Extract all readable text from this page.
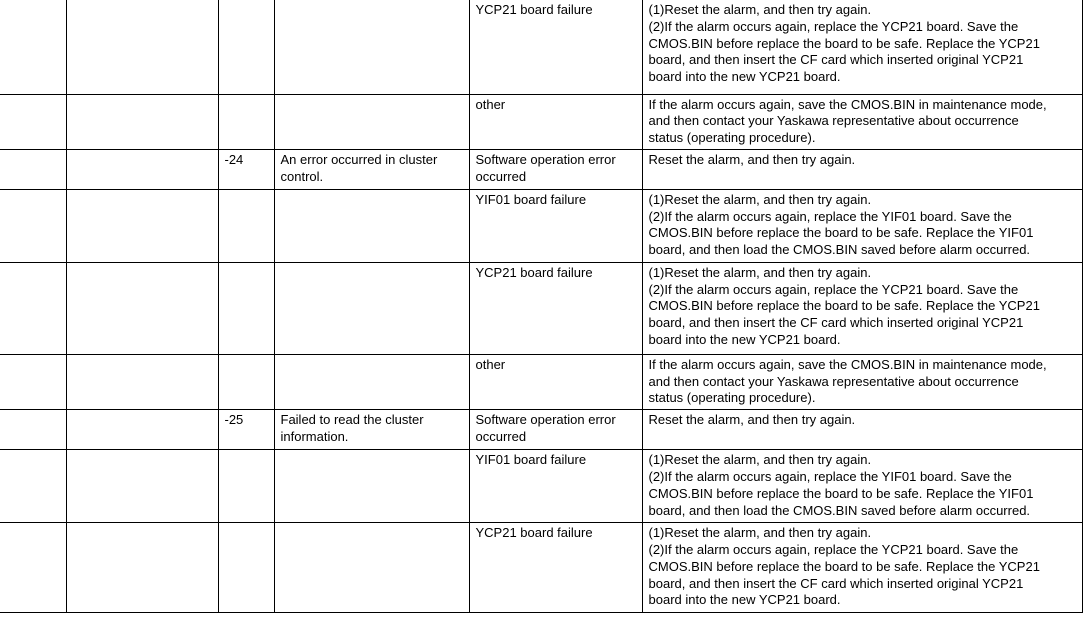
				YCP21 board failure	(1)Reset the alarm, and then try again.
(2)If the alarm occurs again, replace the YCP21 board. Save the
CMOS.BIN before replace the board to be safe. Replace the YCP21
board, and then insert the CF card which inserted original YCP21
board into the new YCP21 board.

				other	If the alarm occurs again, save the CMOS.BIN in maintenance mode,
and then contact your Yaskawa representative about occurrence
status (operating procedure).

		-24	An error occurred in cluster
control.	Software operation error
occurred	Reset the alarm, and then try again.

				YIF01 board failure	(1)Reset the alarm, and then try again.
(2)If the alarm occurs again, replace the YIF01 board. Save the
CMOS.BIN before replace the board to be safe. Replace the YIF01
board, and then load the CMOS.BIN saved before alarm occurred.

				YCP21 board failure	(1)Reset the alarm, and then try again.
(2)If the alarm occurs again, replace the YCP21 board. Save the
CMOS.BIN before replace the board to be safe. Replace the YCP21
board, and then insert the CF card which inserted original YCP21
board into the new YCP21 board.

				other	If the alarm occurs again, save the CMOS.BIN in maintenance mode,
and then contact your Yaskawa representative about occurrence
status (operating procedure).

		-25	Failed to read the cluster
information.	Software operation error
occurred	Reset the alarm, and then try again.

				YIF01 board failure	(1)Reset the alarm, and then try again.
(2)If the alarm occurs again, replace the YIF01 board. Save the
CMOS.BIN before replace the board to be safe. Replace the YIF01
board, and then load the CMOS.BIN saved before alarm occurred.

				YCP21 board failure	(1)Reset the alarm, and then try again.
(2)If the alarm occurs again, replace the YCP21 board. Save the
CMOS.BIN before replace the board to be safe. Replace the YCP21
board, and then insert the CF card which inserted original YCP21
board into the new YCP21 board.
